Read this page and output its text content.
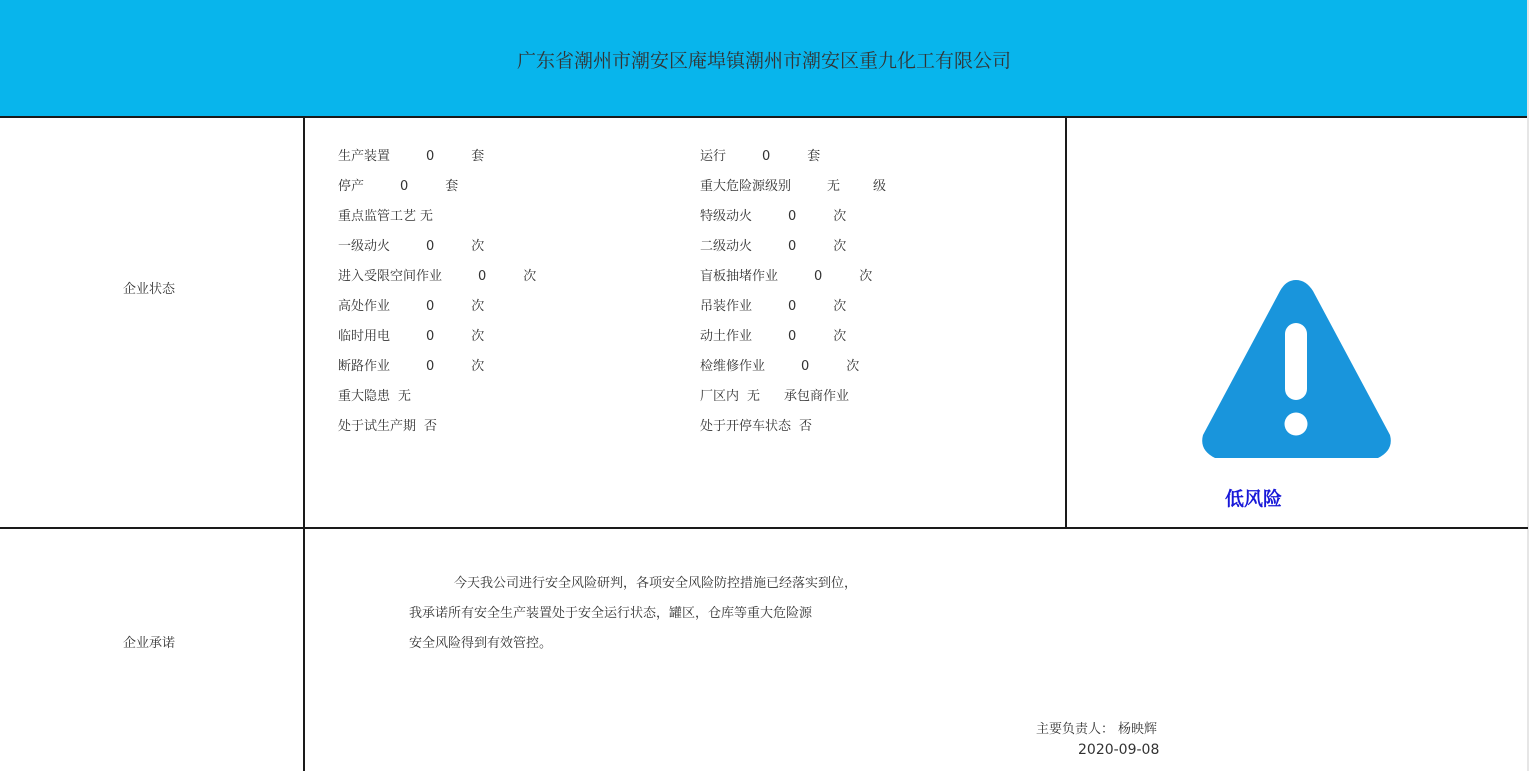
广东省潮州市潮安区庵埠镇潮州市潮安区重九化工有限公司
企业状态
生产装置	0	套
停产	0	套
重点监管工艺 无
一级动火	0	次
进入受限空间作业	0	次
高处作业	0	次
临时用电	0	次
断路作业	0	次
重大隐患 无
处于试生产期 否
运行	0	套
重大危险源级别	无	级
特级动火	0	次
二级动火	0	次
盲板抽堵作业	0	次
吊装作业	0	次
动土作业	0	次
检维修作业	0	次
厂区内 无 承包商作业
处于开停车状态 否
低风险
企业承诺
今天我公司进行安全风险研判，各项安全风险防控措施已经落实到位，
我承诺所有安全生产装置处于安全运行状态，罐区，仓库等重大危险源
安全风险得到有效管控。
主要负责人： 杨映辉
2020-09-08
